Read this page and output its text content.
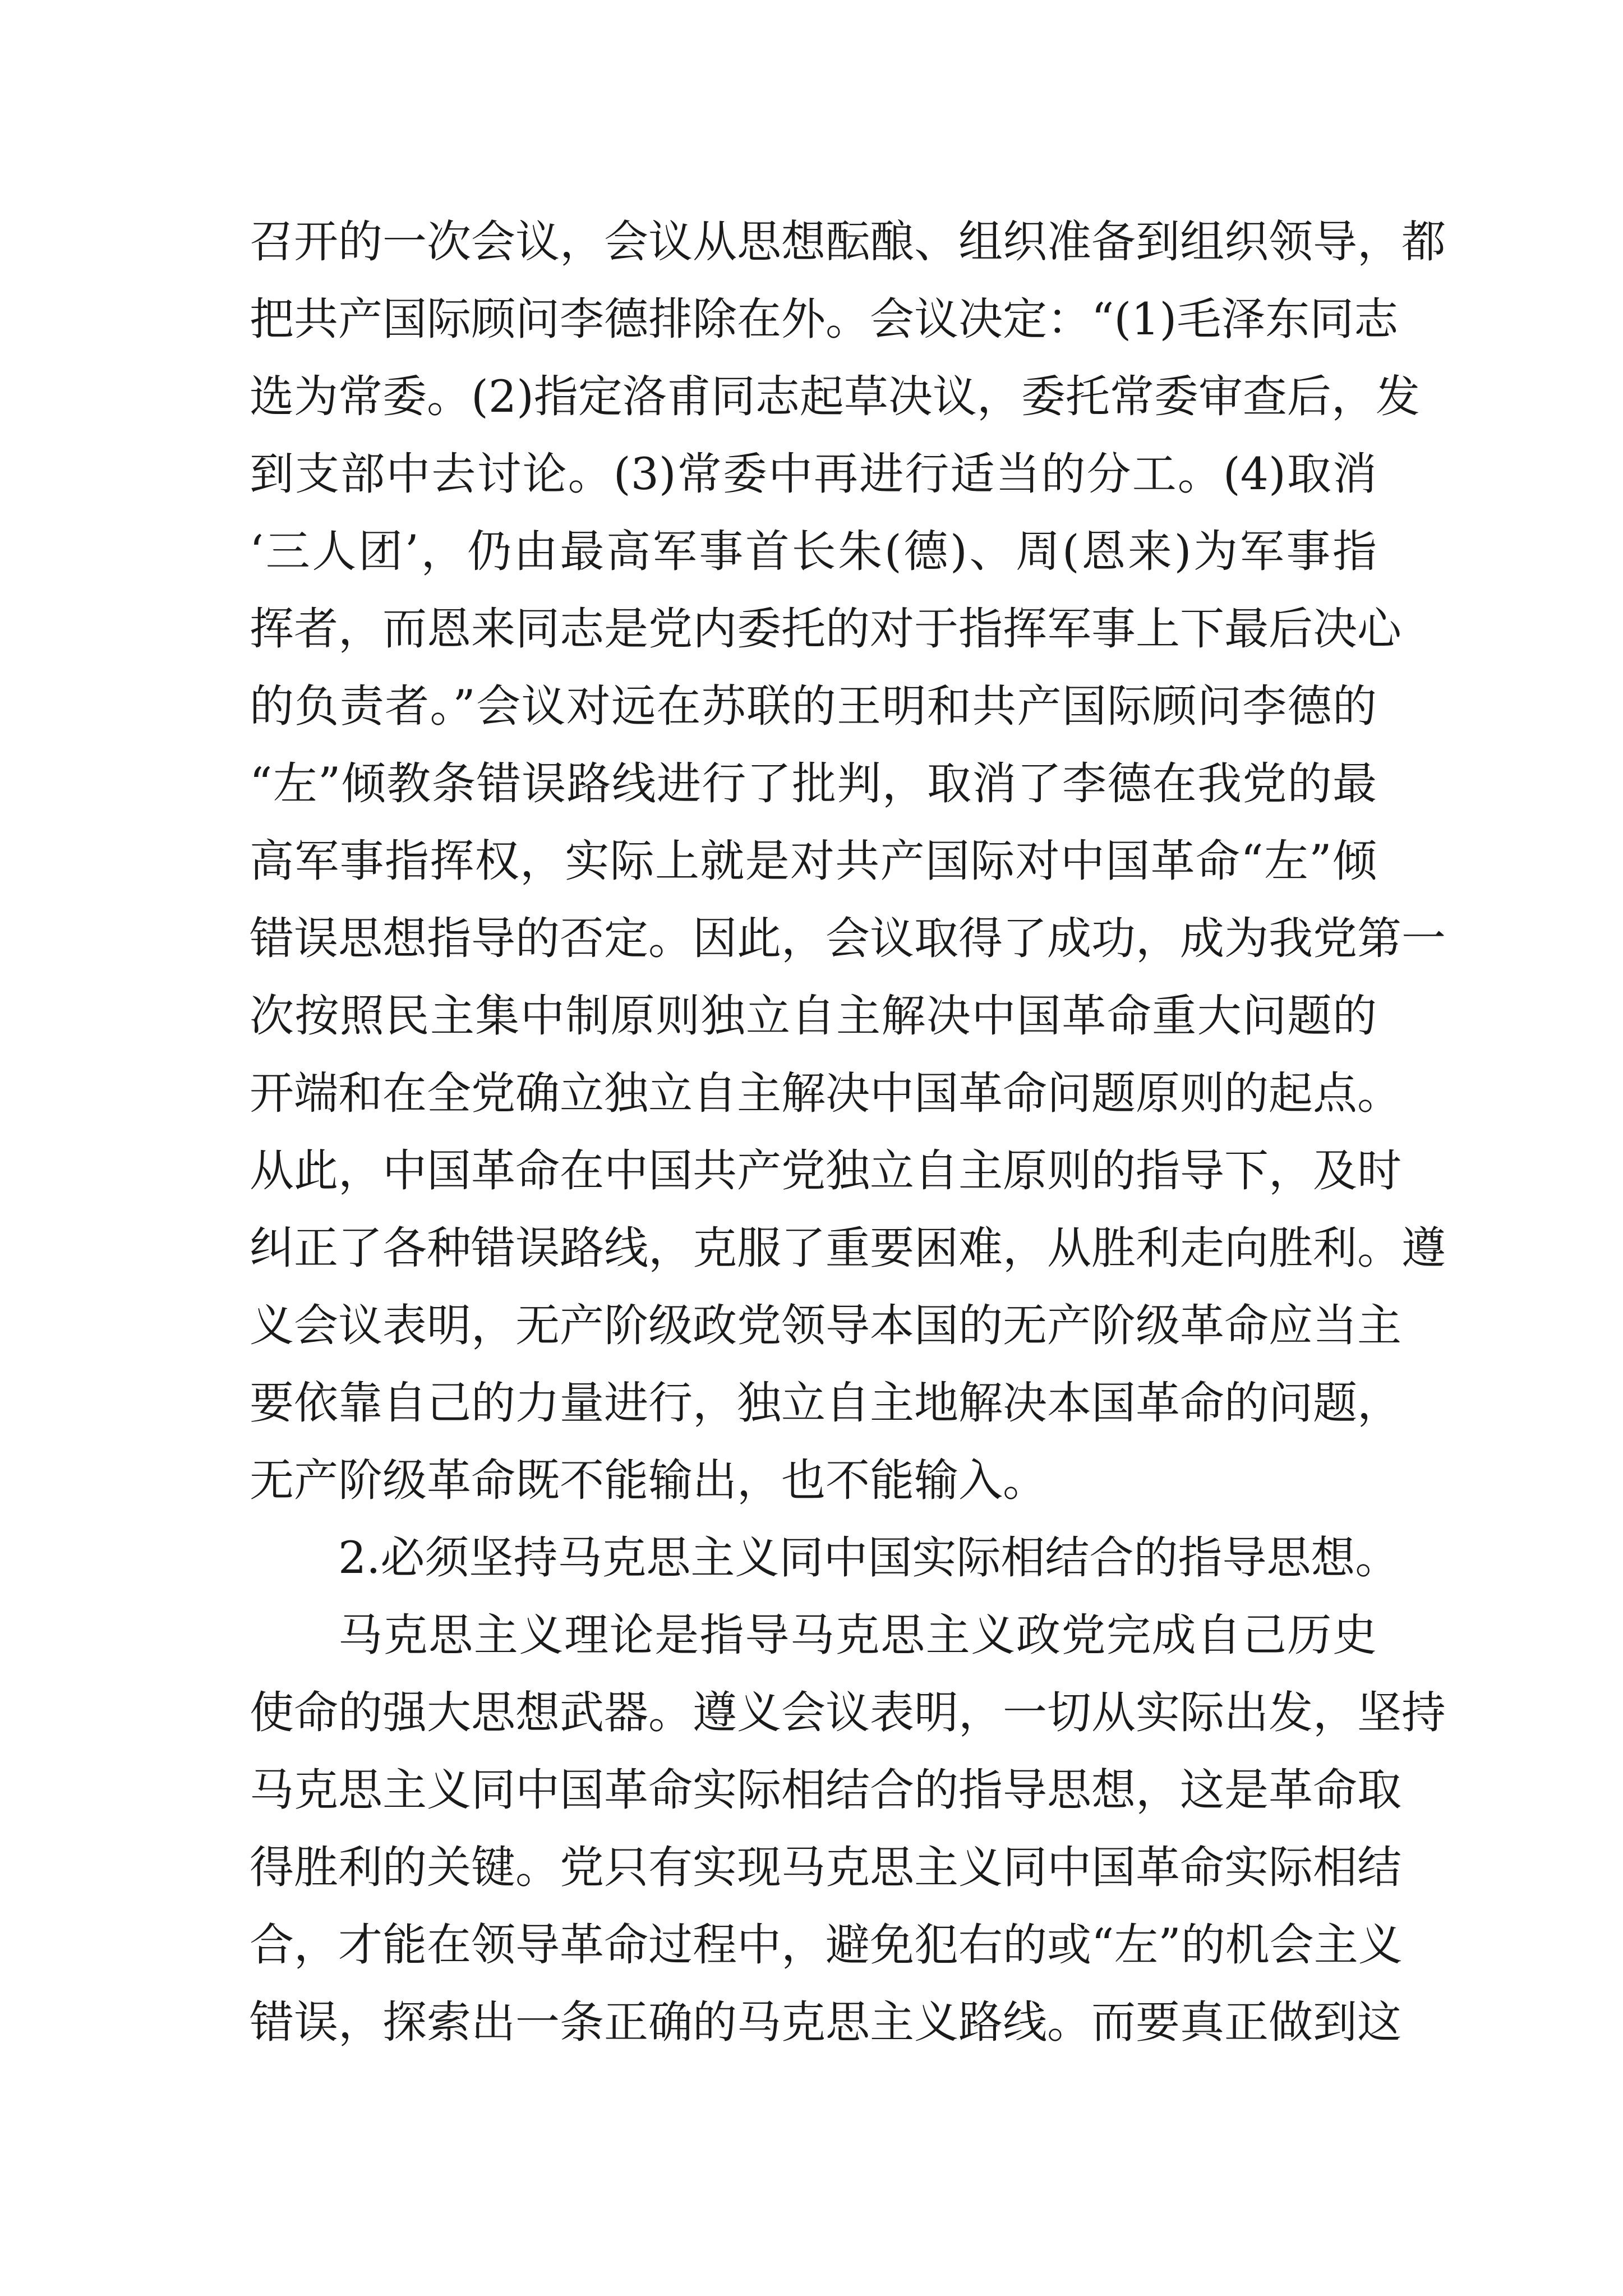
召开的一次会议，会议从思想酝酿、组织准备到组织领导，都
把共产国际顾问李德排除在外。会议决定：“(1)毛泽东同志
选为常委。(2)指定洛甫同志起草决议，委托常委审查后，发
到支部中去讨论。(3)常委中再进行适当的分工。(4)取消
‘三人团’，仍由最高军事首长朱(德)、周(恩来)为军事指
挥者，而恩来同志是党内委托的对于指挥军事上下最后决心
的负责者。”会议对远在苏联的王明和共产国际顾问李德的
“左”倾教条错误路线进行了批判，取消了李德在我党的最
高军事指挥权，实际上就是对共产国际对中国革命“左”倾
错误思想指导的否定。因此，会议取得了成功，成为我党第一
次按照民主集中制原则独立自主解决中国革命重大问题的
开端和在全党确立独立自主解决中国革命问题原则的起点。
从此，中国革命在中国共产党独立自主原则的指导下，及时
纠正了各种错误路线，克服了重要困难，从胜利走向胜利。遵
义会议表明，无产阶级政党领导本国的无产阶级革命应当主
要依靠自己的力量进行，独立自主地解决本国革命的问题，
无产阶级革命既不能输出，也不能输入。
2.必须坚持马克思主义同中国实际相结合的指导思想。
马克思主义理论是指导马克思主义政党完成自己历史
使命的强大思想武器。遵义会议表明，一切从实际出发，坚持
马克思主义同中国革命实际相结合的指导思想，这是革命取
得胜利的关键。党只有实现马克思主义同中国革命实际相结
合，才能在领导革命过程中，避免犯右的或“左”的机会主义
错误，探索出一条正确的马克思主义路线。而要真正做到这
